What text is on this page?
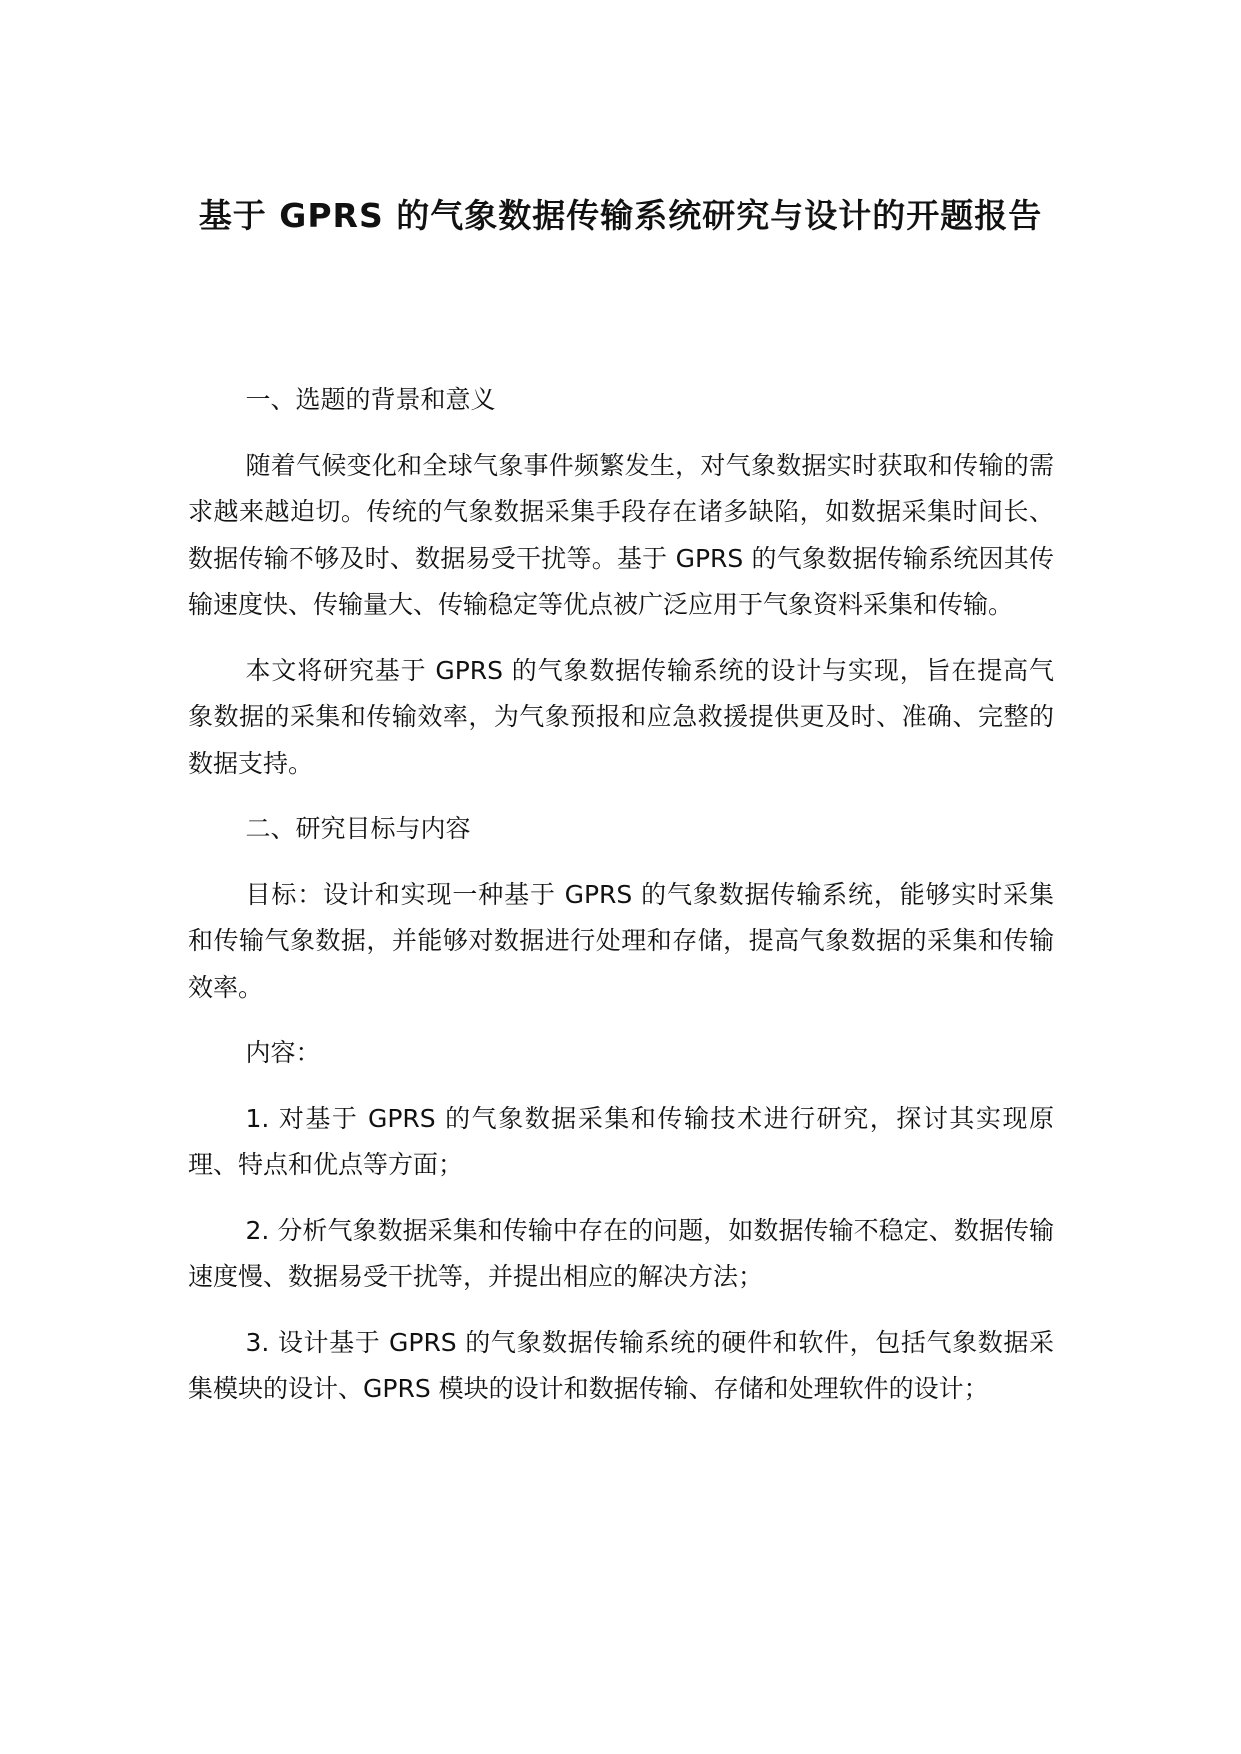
基于 GPRS 的气象数据传输系统研究与设计的开题报告

一、选题的背景和意义

随着气候变化和全球气象事件频繁发生，对气象数据实时获取和传输的需求越来越迫切。传统的气象数据采集手段存在诸多缺陷，如数据采集时间长、数据传输不够及时、数据易受干扰等。基于 GPRS 的气象数据传输系统因其传输速度快、传输量大、传输稳定等优点被广泛应用于气象资料采集和传输。

本文将研究基于 GPRS 的气象数据传输系统的设计与实现，旨在提高气象数据的采集和传输效率，为气象预报和应急救援提供更及时、准确、完整的数据支持。

二、研究目标与内容

目标：设计和实现一种基于 GPRS 的气象数据传输系统，能够实时采集和传输气象数据，并能够对数据进行处理和存储，提高气象数据的采集和传输效率。

内容：

1. 对基于 GPRS 的气象数据采集和传输技术进行研究，探讨其实现原理、特点和优点等方面；

2. 分析气象数据采集和传输中存在的问题，如数据传输不稳定、数据传输速度慢、数据易受干扰等，并提出相应的解决方法；

3. 设计基于 GPRS 的气象数据传输系统的硬件和软件，包括气象数据采集模块的设计、GPRS 模块的设计和数据传输、存储和处理软件的设计；
